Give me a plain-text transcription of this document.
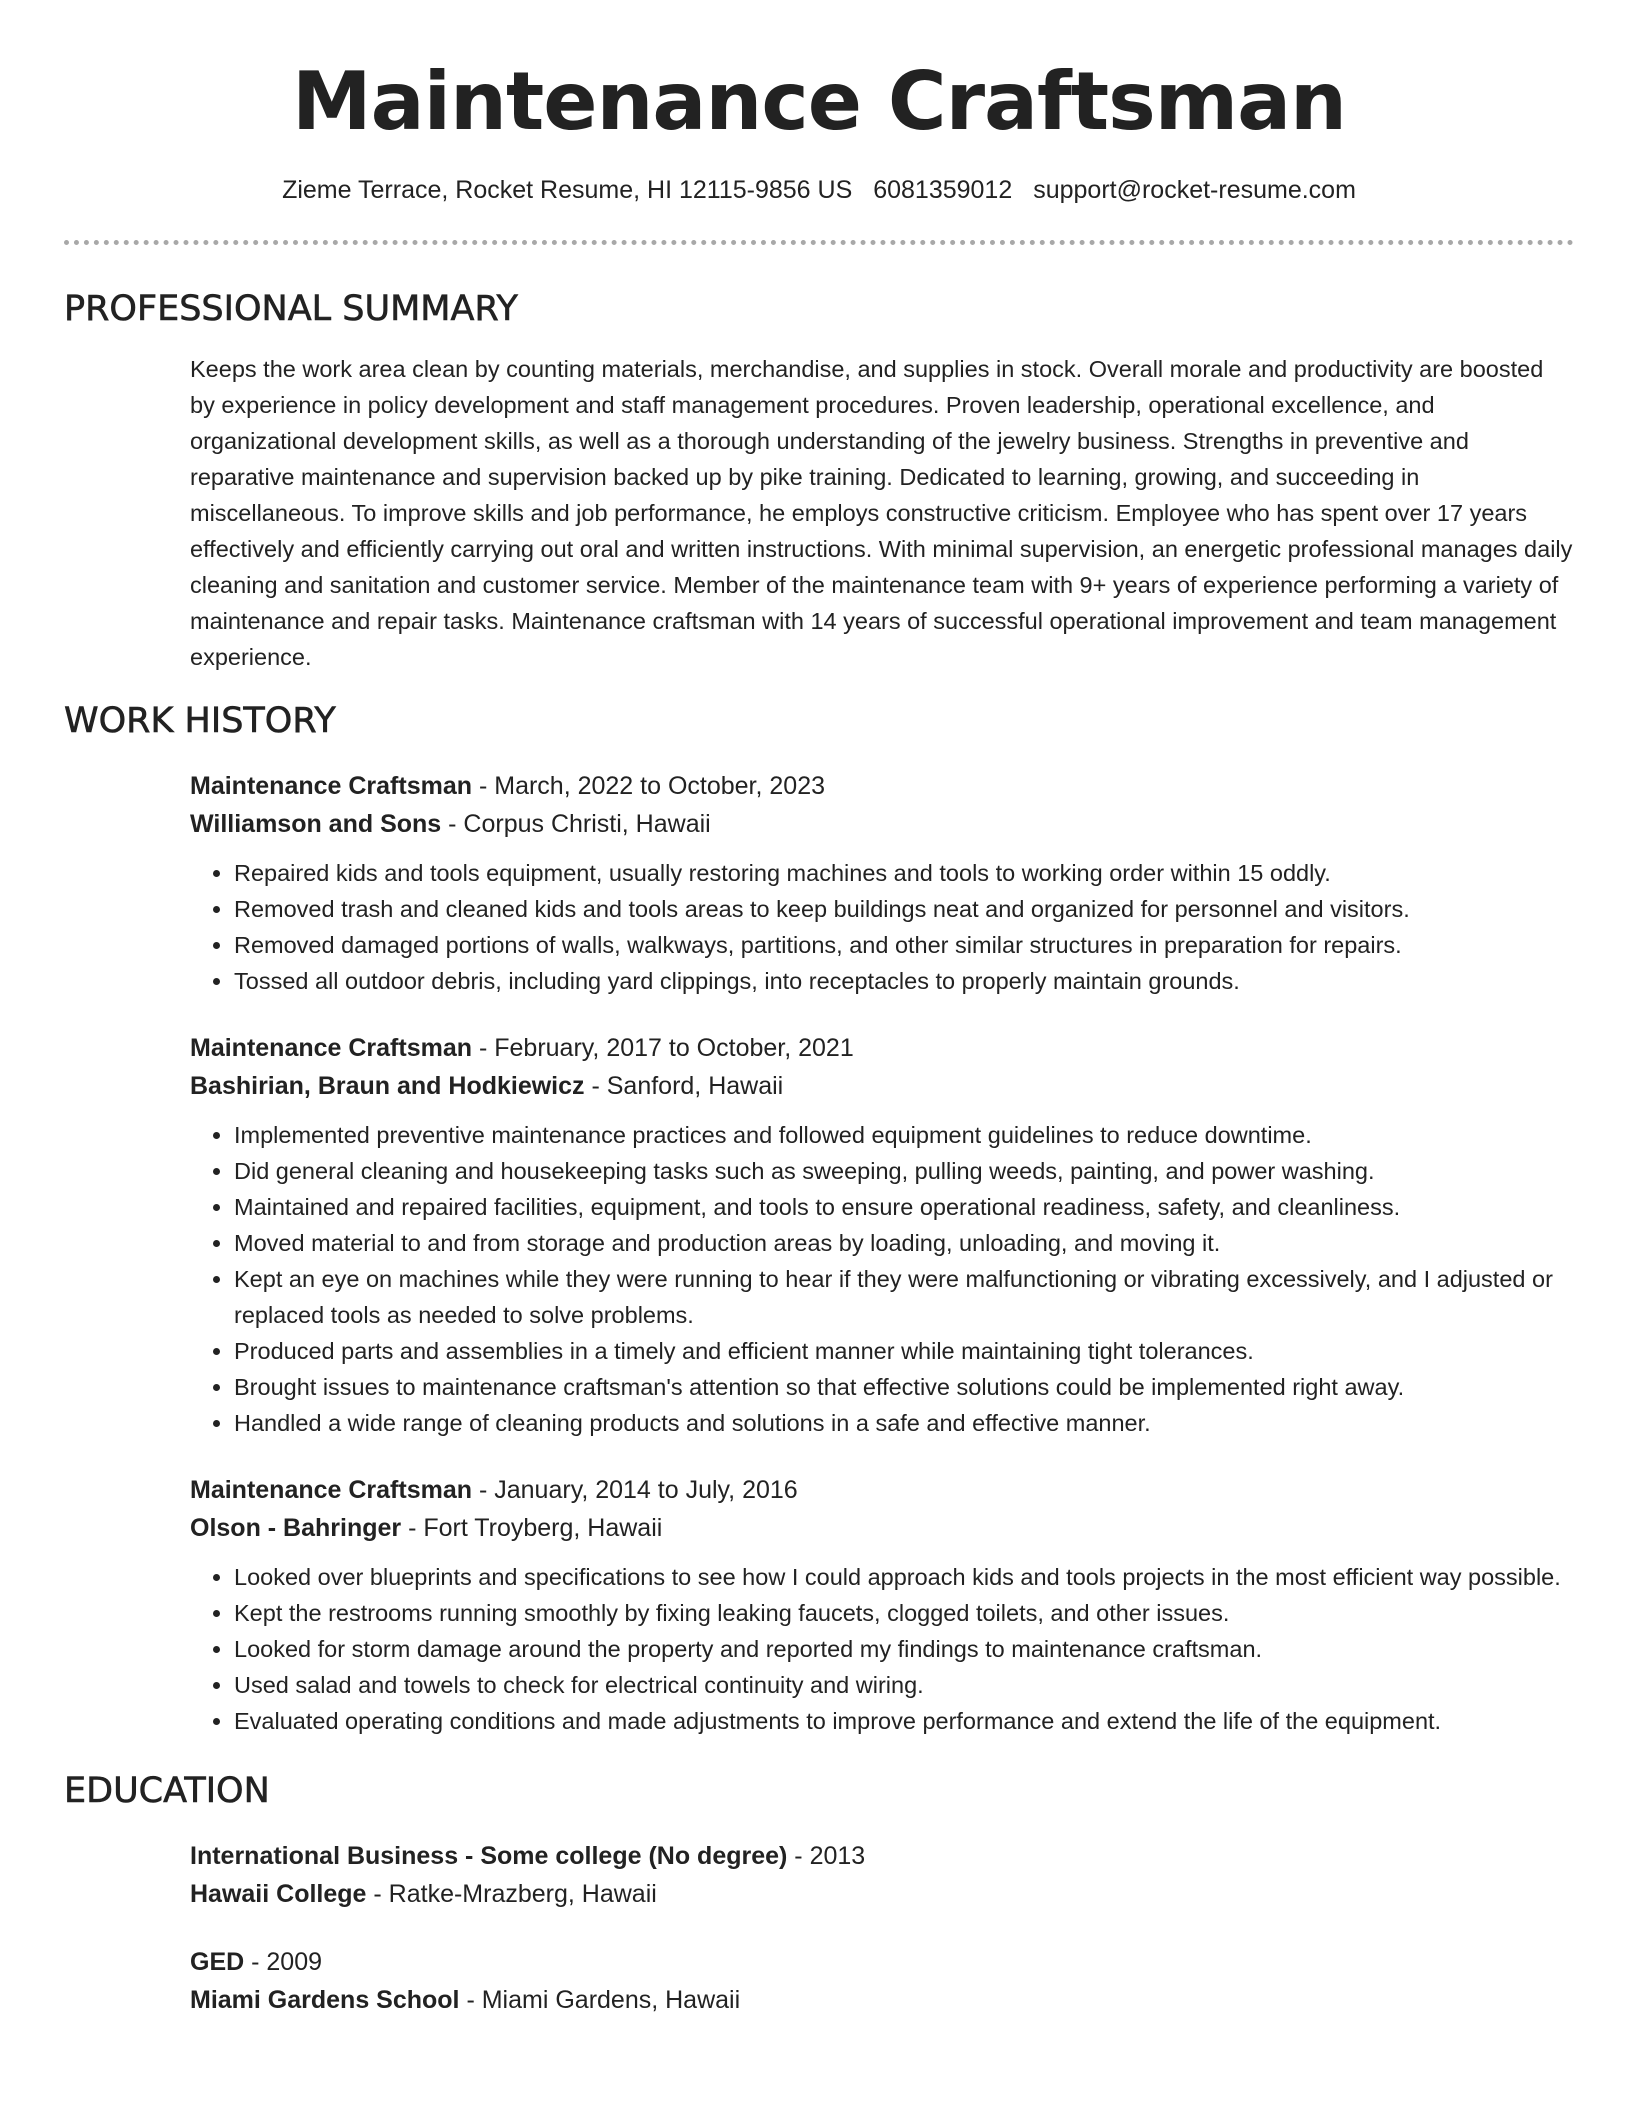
Maintenance Craftsman
Zieme Terrace, Rocket Resume, HI 12115-9856 US 6081359012 support@rocket-resume.com
PROFESSIONAL SUMMARY

Keeps the work area clean by counting materials, merchandise, and supplies in stock. Overall morale and productivity are boosted by experience in policy development and staff management procedures. Proven leadership, operational excellence, and organizational development skills, as well as a thorough understanding of the jewelry business. Strengths in preventive and reparative maintenance and supervision backed up by pike training. Dedicated to learning, growing, and succeeding in miscellaneous. To improve skills and job performance, he employs constructive criticism. Employee who has spent over 17 years effectively and efficiently carrying out oral and written instructions. With minimal supervision, an energetic professional manages daily cleaning and sanitation and customer service. Member of the maintenance team with 9+ years of experience performing a variety of maintenance and repair tasks. Maintenance craftsman with 14 years of successful operational improvement and team management experience.

WORK HISTORY
Maintenance Craftsman - March, 2022 to October, 2023
Williamson and Sons - Corpus Christi, Hawaii
• Repaired kids and tools equipment, usually restoring machines and tools to working order within 15 oddly.
• Removed trash and cleaned kids and tools areas to keep buildings neat and organized for personnel and visitors.
• Removed damaged portions of walls, walkways, partitions, and other similar structures in preparation for repairs.
• Tossed all outdoor debris, including yard clippings, into receptacles to properly maintain grounds.
Maintenance Craftsman - February, 2017 to October, 2021
Bashirian, Braun and Hodkiewicz - Sanford, Hawaii
• Implemented preventive maintenance practices and followed equipment guidelines to reduce downtime.
• Did general cleaning and housekeeping tasks such as sweeping, pulling weeds, painting, and power washing.
• Maintained and repaired facilities, equipment, and tools to ensure operational readiness, safety, and cleanliness.
• Moved material to and from storage and production areas by loading, unloading, and moving it.
• Kept an eye on machines while they were running to hear if they were malfunctioning or vibrating excessively, and I adjusted or replaced tools as needed to solve problems.
• Produced parts and assemblies in a timely and efficient manner while maintaining tight tolerances.
• Brought issues to maintenance craftsman's attention so that effective solutions could be implemented right away.
• Handled a wide range of cleaning products and solutions in a safe and effective manner.
Maintenance Craftsman - January, 2014 to July, 2016
Olson - Bahringer - Fort Troyberg, Hawaii
• Looked over blueprints and specifications to see how I could approach kids and tools projects in the most efficient way possible.
• Kept the restrooms running smoothly by fixing leaking faucets, clogged toilets, and other issues.
• Looked for storm damage around the property and reported my findings to maintenance craftsman.
• Used salad and towels to check for electrical continuity and wiring.
• Evaluated operating conditions and made adjustments to improve performance and extend the life of the equipment.
EDUCATION
International Business - Some college (No degree) - 2013
Hawaii College - Ratke-Mrazberg, Hawaii
GED - 2009
Miami Gardens School - Miami Gardens, Hawaii
